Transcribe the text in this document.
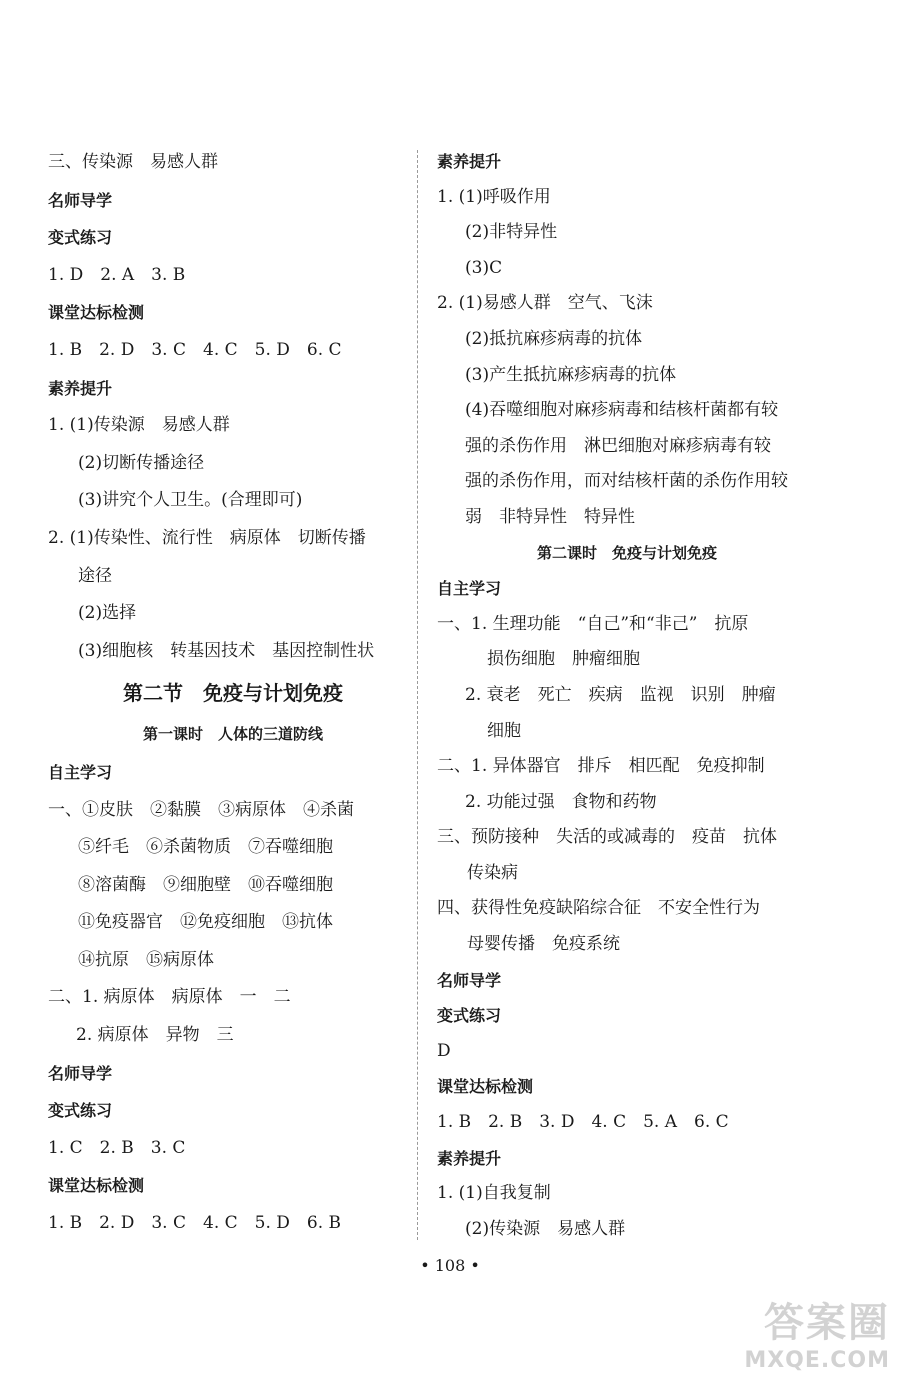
三、传染源　易感人群
名师导学
变式练习
1. D　2. A　3. B
课堂达标检测
1. B　2. D　3. C　4. C　5. D　6. C
素养提升
1. (1)传染源　易感人群
(2)切断传播途径
(3)讲究个人卫生。(合理即可)
2. (1)传染性、流行性　病原体　切断传播
途径
(2)选择
(3)细胞核　转基因技术　基因控制性状
第二节　免疫与计划免疫
第一课时　人体的三道防线
自主学习
一、①皮肤　②黏膜　③病原体　④杀菌
⑤纤毛　⑥杀菌物质　⑦吞噬细胞
⑧溶菌酶　⑨细胞壁　⑩吞噬细胞
⑪免疫器官　⑫免疫细胞　⑬抗体
⑭抗原　⑮病原体
二、1. 病原体　病原体　一　二
2. 病原体　异物　三
名师导学
变式练习
1. C　2. B　3. C
课堂达标检测
1. B　2. D　3. C　4. C　5. D　6. B
素养提升
1. (1)呼吸作用
(2)非特异性
(3)C
2. (1)易感人群　空气、飞沫
(2)抵抗麻疹病毒的抗体
(3)产生抵抗麻疹病毒的抗体
(4)吞噬细胞对麻疹病毒和结核杆菌都有较
强的杀伤作用　淋巴细胞对麻疹病毒有较
强的杀伤作用，而对结核杆菌的杀伤作用较
弱　非特异性　特异性
第二课时　免疫与计划免疫
自主学习
一、1. 生理功能　“自己”和“非己”　抗原
损伤细胞　肿瘤细胞
2. 衰老　死亡　疾病　监视　识别　肿瘤
细胞
二、1. 异体器官　排斥　相匹配　免疫抑制
2. 功能过强　食物和药物
三、预防接种　失活的或减毒的　疫苗　抗体
传染病
四、获得性免疫缺陷综合征　不安全性行为
母婴传播　免疫系统
名师导学
变式练习
D
课堂达标检测
1. B　2. B　3. D　4. C　5. A　6. C
素养提升
1. (1)自我复制
(2)传染源　易感人群
• 108 •
答案圈
MXQE.COM
